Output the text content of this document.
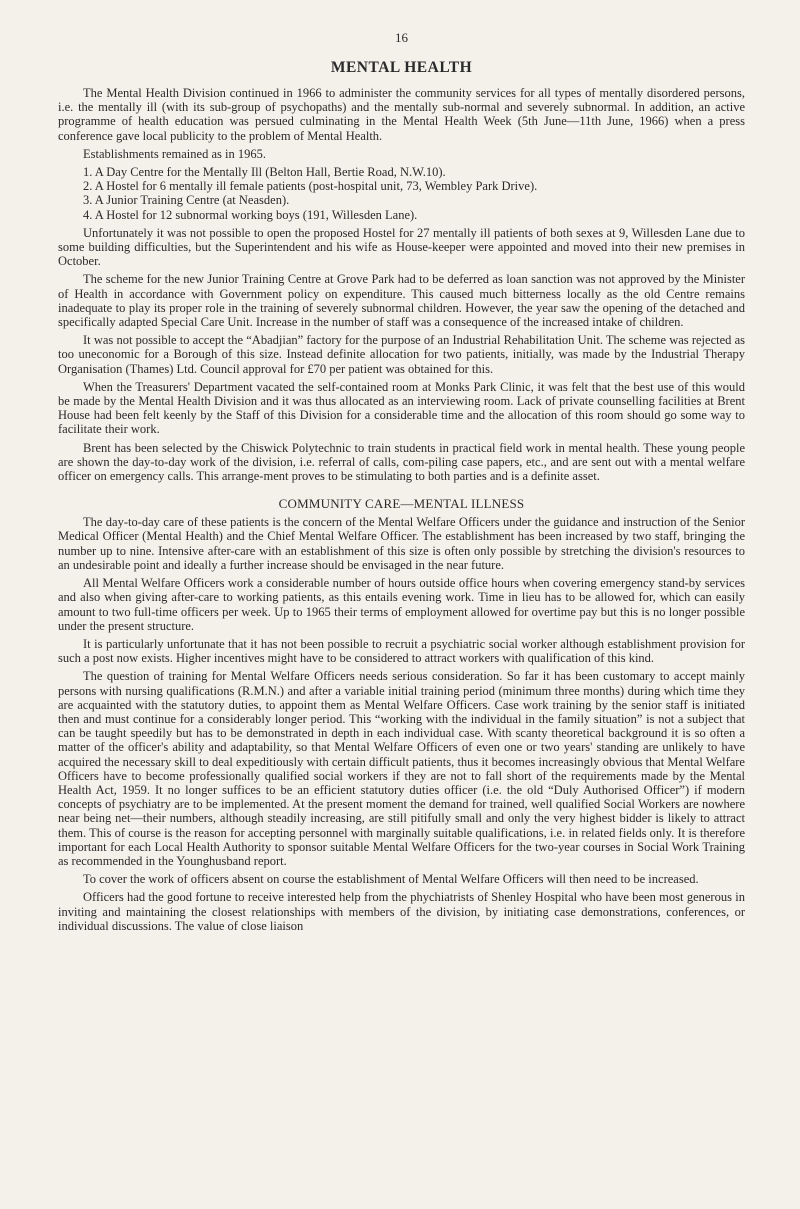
16
MENTAL HEALTH

The Mental Health Division continued in 1966 to administer the community services for all types of mentally disordered persons, i.e. the mentally ill (with its sub-group of psychopaths) and the mentally sub-normal and severely subnormal. In addition, an active programme of health education was persued culminating in the Mental Health Week (5th June—11th June, 1966) when a press conference gave local publicity to the problem of Mental Health.

Establishments remained as in 1965.

1. A Day Centre for the Mentally Ill (Belton Hall, Bertie Road, N.W.10).
2. A Hostel for 6 mentally ill female patients (post-hospital unit, 73, Wembley Park Drive).
3. A Junior Training Centre (at Neasden).
4. A Hostel for 12 subnormal working boys (191, Willesden Lane).

Unfortunately it was not possible to open the proposed Hostel for 27 mentally ill patients of both sexes at 9, Willesden Lane due to some building difficulties, but the Superintendent and his wife as House-keeper were appointed and moved into their new premises in October.

The scheme for the new Junior Training Centre at Grove Park had to be deferred as loan sanction was not approved by the Minister of Health in accordance with Government policy on expenditure. This caused much bitterness locally as the old Centre remains inadequate to play its proper role in the training of severely subnormal children. However, the year saw the opening of the detached and specifically adapted Special Care Unit. Increase in the number of staff was a consequence of the increased intake of children.

It was not possible to accept the “Abadjian” factory for the purpose of an Industrial Rehabilitation Unit. The scheme was rejected as too uneconomic for a Borough of this size. Instead definite allocation for two patients, initially, was made by the Industrial Therapy Organisation (Thames) Ltd. Council approval for £70 per patient was obtained for this.

When the Treasurers' Department vacated the self-contained room at Monks Park Clinic, it was felt that the best use of this would be made by the Mental Health Division and it was thus allocated as an interviewing room. Lack of private counselling facilities at Brent House had been felt keenly by the Staff of this Division for a considerable time and the allocation of this room should go some way to facilitate their work.

Brent has been selected by the Chiswick Polytechnic to train students in practical field work in mental health. These young people are shown the day-to-day work of the division, i.e. referral of calls, com-piling case papers, etc., and are sent out with a mental welfare officer on emergency calls. This arrange-ment proves to be stimulating to both parties and is a definite asset.

COMMUNITY CARE—MENTAL ILLNESS

The day-to-day care of these patients is the concern of the Mental Welfare Officers under the guidance and instruction of the Senior Medical Officer (Mental Health) and the Chief Mental Welfare Officer. The establishment has been increased by two staff, bringing the number up to nine. Intensive after-care with an establishment of this size is often only possible by stretching the division's resources to an undesirable point and ideally a further increase should be envisaged in the near future.

All Mental Welfare Officers work a considerable number of hours outside office hours when covering emergency stand-by services and also when giving after-care to working patients, as this entails evening work. Time in lieu has to be allowed for, which can easily amount to two full-time officers per week. Up to 1965 their terms of employment allowed for overtime pay but this is no longer possible under the present structure.

It is particularly unfortunate that it has not been possible to recruit a psychiatric social worker although establishment provision for such a post now exists. Higher incentives might have to be considered to attract workers with qualification of this kind.

The question of training for Mental Welfare Officers needs serious consideration. So far it has been customary to accept mainly persons with nursing qualifications (R.M.N.) and after a variable initial training period (minimum three months) during which time they are acquainted with the statutory duties, to appoint them as Mental Welfare Officers. Case work training by the senior staff is initiated then and must continue for a considerably longer period. This “working with the individual in the family situation” is not a subject that can be taught speedily but has to be demonstrated in depth in each individual case. With scanty theoretical background it is so often a matter of the officer's ability and adaptability, so that Mental Welfare Officers of even one or two years' standing are unlikely to have acquired the necessary skill to deal expeditiously with certain difficult patients, thus it becomes increasingly obvious that Mental Welfare Officers have to become professionally qualified social workers if they are not to fall short of the requirements made by the Mental Health Act, 1959. It no longer suffices to be an efficient statutory duties officer (i.e. the old “Duly Authorised Officer”) if modern concepts of psychiatry are to be implemented. At the present moment the demand for trained, well qualified Social Workers are nowhere near being net—their numbers, although steadily increasing, are still pitifully small and only the very highest bidder is likely to attract them. This of course is the reason for accepting personnel with marginally suitable qualifications, i.e. in related fields only. It is therefore important for each Local Health Authority to sponsor suitable Mental Welfare Officers for the two-year courses in Social Work Training as recommended in the Younghusband report.

To cover the work of officers absent on course the establishment of Mental Welfare Officers will then need to be increased.

Officers had the good fortune to receive interested help from the phychiatrists of Shenley Hospital who have been most generous in inviting and maintaining the closest relationships with members of the division, by initiating case demonstrations, conferences, or individual discussions. The value of close liaison
